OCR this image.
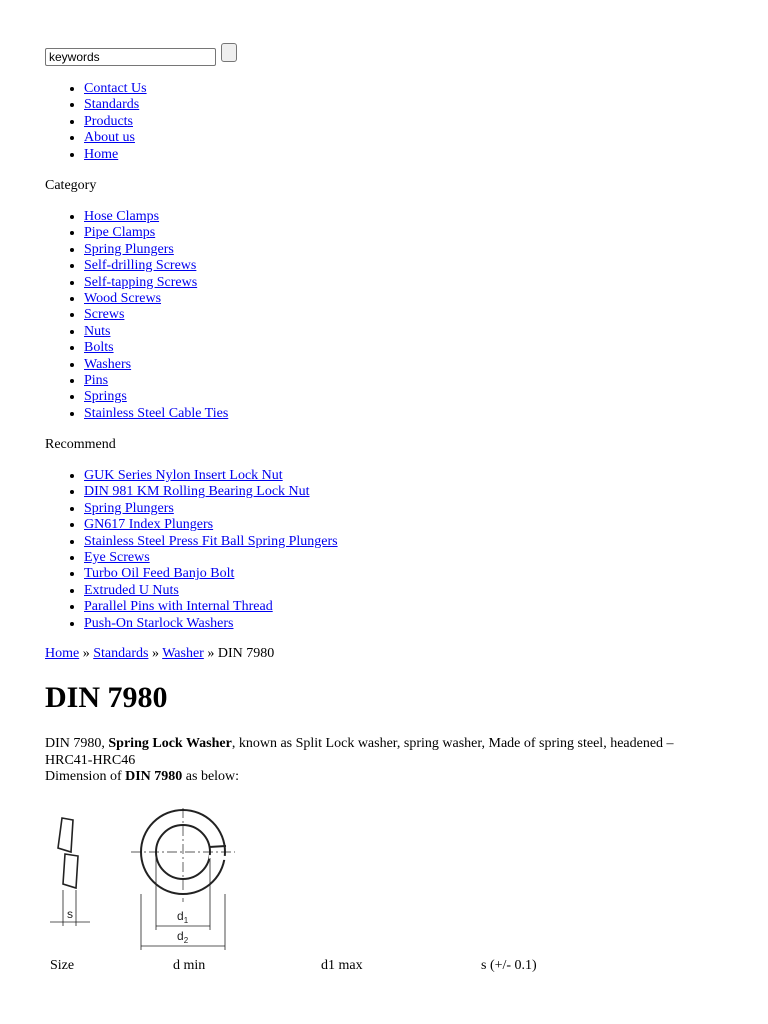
keywords
• Contact Us
• Standards
• Products
• About us
• Home
Category
• Hose Clamps
• Pipe Clamps
• Spring Plungers
• Self-drilling Screws
• Self-tapping Screws
• Wood Screws
• Screws
• Nuts
• Bolts
• Washers
• Pins
• Springs
• Stainless Steel Cable Ties
Recommend
• GUK Series Nylon Insert Lock Nut
• DIN 981 KM Rolling Bearing Lock Nut
• Spring Plungers
• GN617 Index Plungers
• Stainless Steel Press Fit Ball Spring Plungers
• Eye Screws
• Turbo Oil Feed Banjo Bolt
• Extruded U Nuts
• Parallel Pins with Internal Thread
• Push-On Starlock Washers
Home » Standards » Washer » DIN 7980
DIN 7980

DIN 7980, Spring Lock Washer, known as Split Lock washer, spring washer, Made of spring steel, headened – HRC41-HRC46

Dimension of DIN 7980 as below:

s	$d_1$
$d_2$
Size	d min	d1 max	s (+/- 0.1)
